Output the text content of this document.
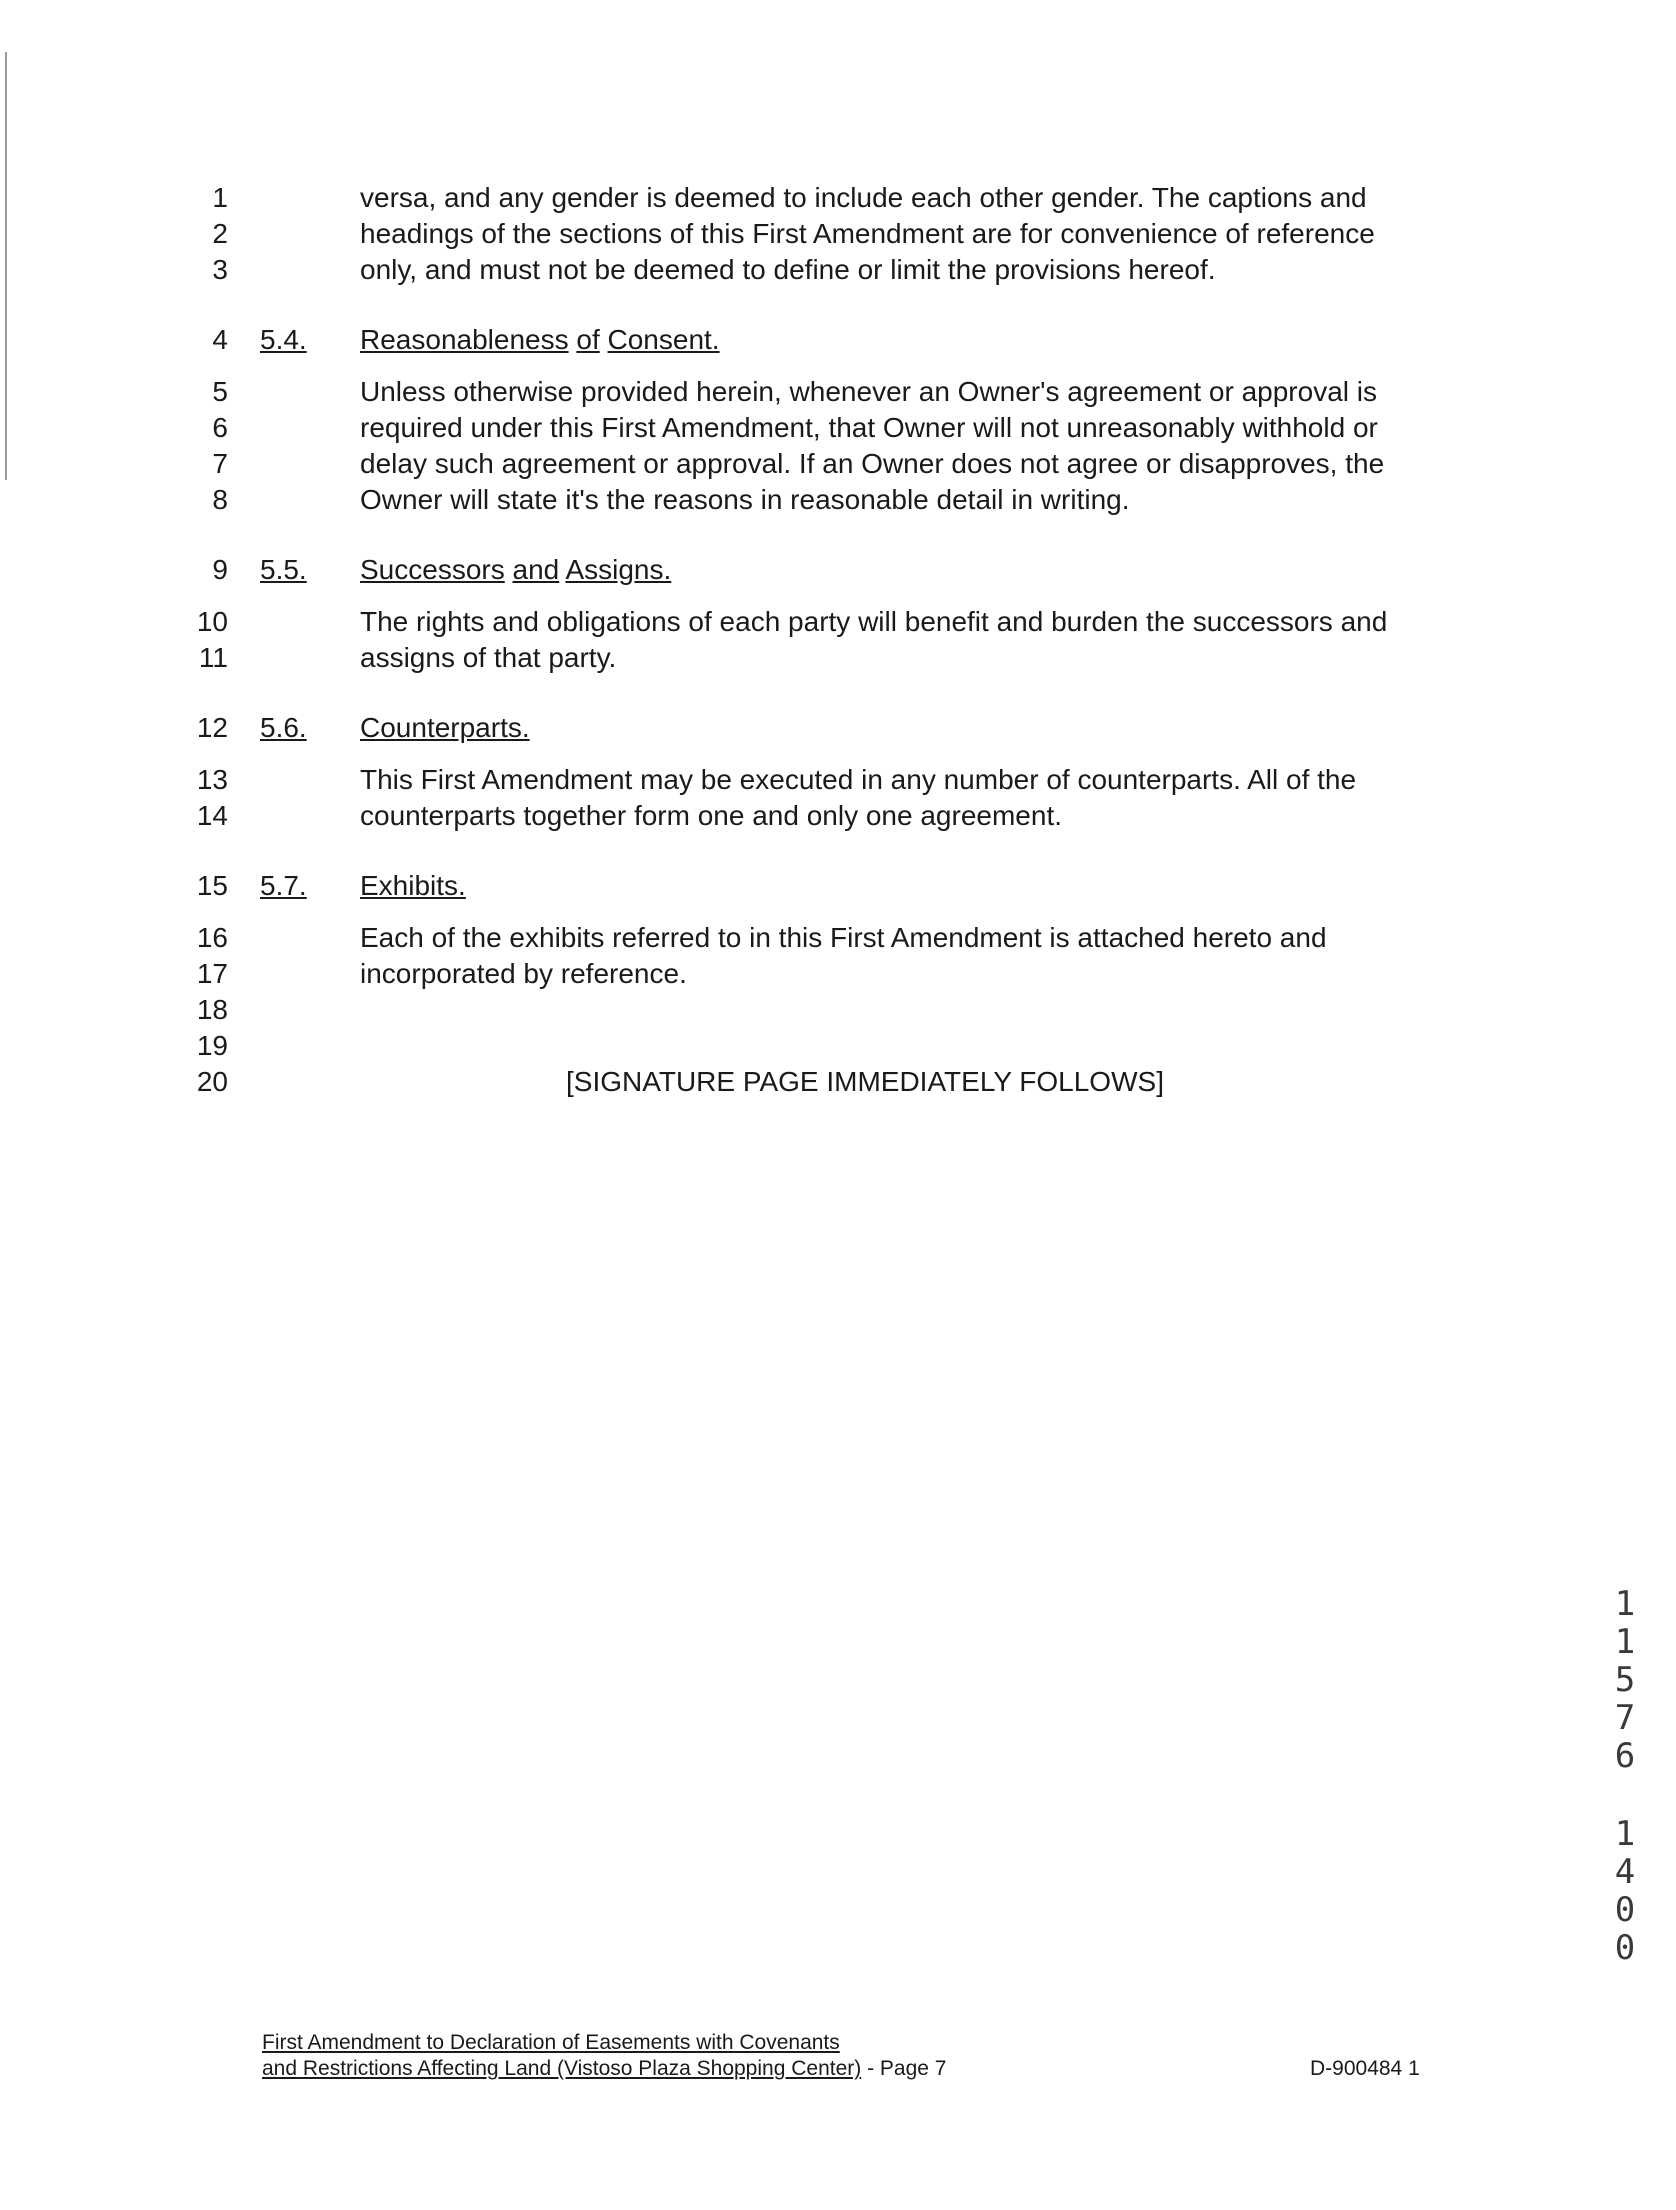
1
2
3
4
5
6
7
8
9
10
11
12
13
14
15
16
17
18
19
20
versa, and any gender is deemed to include each other gender. The captions and
headings of the sections of this First Amendment are for convenience of reference
only, and must not be deemed to define or limit the provisions hereof.
5.4. Reasonableness of Consent.
Unless otherwise provided herein, whenever an Owner's agreement or approval is
required under this First Amendment, that Owner will not unreasonably withhold or
delay such agreement or approval. If an Owner does not agree or disapproves, the
Owner will state it's the reasons in reasonable detail in writing.
5.5. Successors and Assigns.
The rights and obligations of each party will benefit and burden the successors and
assigns of that party.
5.6. Counterparts.
This First Amendment may be executed in any number of counterparts. All of the
counterparts together form one and only one agreement.
5.7. Exhibits.
Each of the exhibits referred to in this First Amendment is attached hereto and
incorporated by reference.
[SIGNATURE PAGE IMMEDIATELY FOLLOWS]
1
1
5
7
6
1
4
0
0
First Amendment to Declaration of Easements with Covenants
and Restrictions Affecting Land (Vistoso Plaza Shopping Center) - Page 7	D-900484 1
